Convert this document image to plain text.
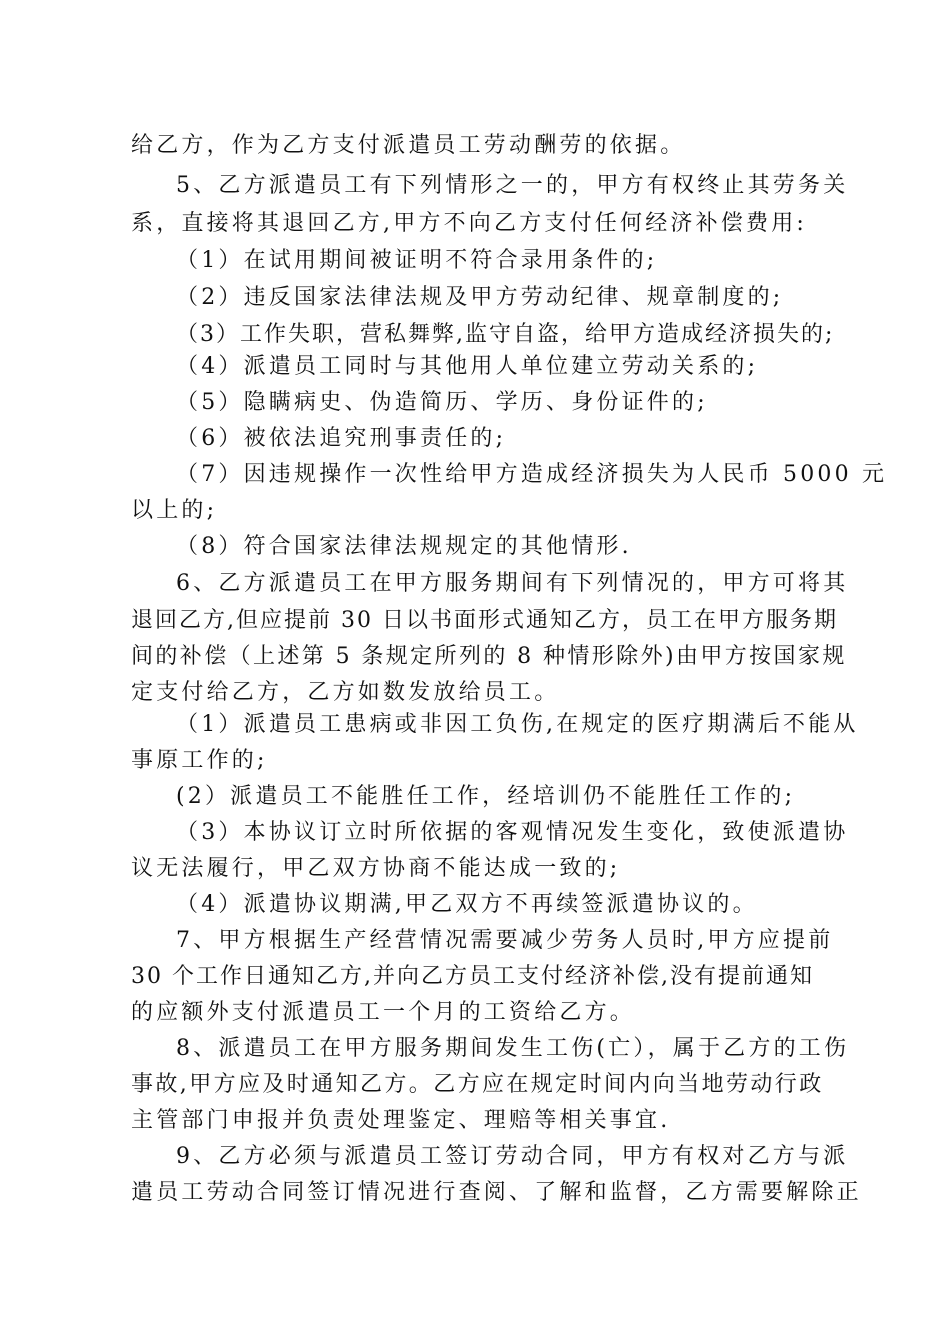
给乙方，作为乙方支付派遣员工劳动酬劳的依据。
5、乙方派遣员工有下列情形之一的，甲方有权终止其劳务关
系，直接将其退回乙方,甲方不向乙方支付任何经济补偿费用:
（1）在试用期间被证明不符合录用条件的;
（2）违反国家法律法规及甲方劳动纪律、规章制度的;
（3）工作失职，营私舞弊,监守自盗，给甲方造成经济损失的;
（4）派遣员工同时与其他用人单位建立劳动关系的;
（5）隐瞒病史、伪造简历、学历、身份证件的;
（6）被依法追究刑事责任的;
（7）因违规操作一次性给甲方造成经济损失为人民币 5000 元
以上的;
（8）符合国家法律法规规定的其他情形.
6、乙方派遣员工在甲方服务期间有下列情况的，甲方可将其
退回乙方,但应提前 30 日以书面形式通知乙方，员工在甲方服务期
间的补偿（上述第 5 条规定所列的 8 种情形除外)由甲方按国家规
定支付给乙方，乙方如数发放给员工。
（1）派遣员工患病或非因工负伤,在规定的医疗期满后不能从
事原工作的;
(2）派遣员工不能胜任工作，经培训仍不能胜任工作的;
（3）本协议订立时所依据的客观情况发生变化，致使派遣协
议无法履行，甲乙双方协商不能达成一致的;
（4）派遣协议期满,甲乙双方不再续签派遣协议的。
7、甲方根据生产经营情况需要减少劳务人员时,甲方应提前
30 个工作日通知乙方,并向乙方员工支付经济补偿,没有提前通知
的应额外支付派遣员工一个月的工资给乙方。
8、派遣员工在甲方服务期间发生工伤(亡），属于乙方的工伤
事故,甲方应及时通知乙方。乙方应在规定时间内向当地劳动行政
主管部门申报并负责处理鉴定、理赔等相关事宜.
9、乙方必须与派遣员工签订劳动合同，甲方有权对乙方与派
遣员工劳动合同签订情况进行查阅、了解和监督，乙方需要解除正
